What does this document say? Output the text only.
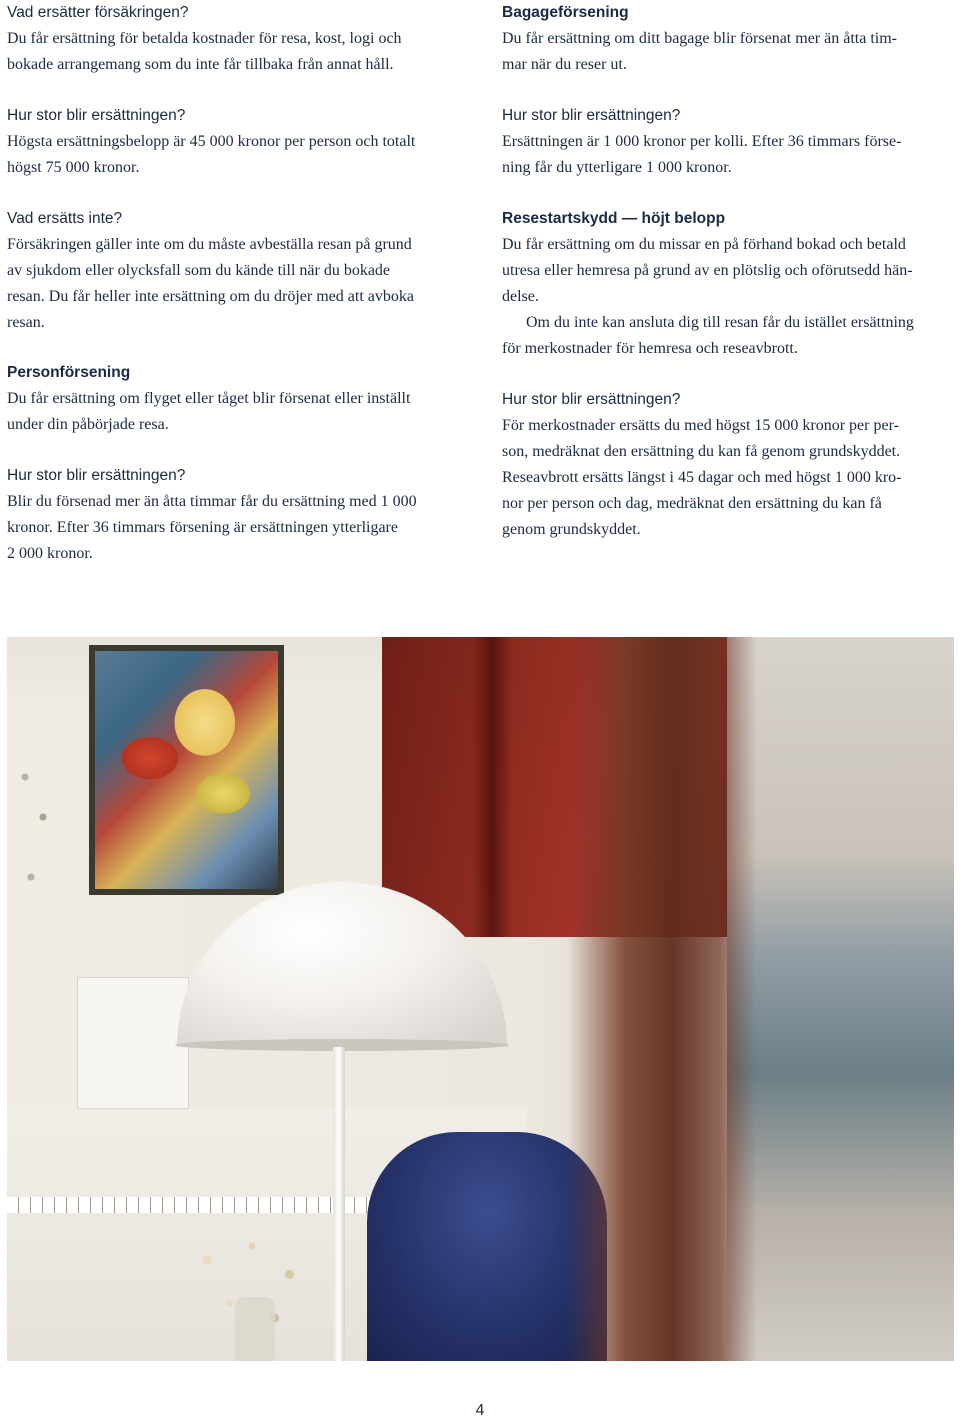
Vad ersätter försäkringen?

Du får ersättning för betalda kostnader för resa, kost, logi och

bokade arrangemang som du inte får tillbaka från annat håll.

Hur stor blir ersättningen?

Högsta ersättningsbelopp är 45 000 kronor per person och totalt

högst 75 000 kronor.

Vad ersätts inte?

Försäkringen gäller inte om du måste avbeställa resan på grund

av sjukdom eller olycksfall som du kände till när du bokade

resan. Du får heller inte ersättning om du dröjer med att avboka

resan.

Personförsening

Du får ersättning om flyget eller tåget blir försenat eller inställt

under din påbörjade resa.

Hur stor blir ersättningen?

Blir du försenad mer än åtta timmar får du ersättning med 1 000

kronor. Efter 36 timmars försening är ersättningen ytterligare

2 000 kronor.

Bagageförsening

Du får ersättning om ditt bagage blir försenat mer än åtta tim-

mar när du reser ut.

Hur stor blir ersättningen?

Ersättningen är 1 000 kronor per kolli. Efter 36 timmars förse-

ning får du ytterligare 1 000 kronor.

Resestartskydd — höjt belopp

Du får ersättning om du missar en på förhand bokad och betald

utresa eller hemresa på grund av en plötslig och oförutsedd hän-

delse.

Om du inte kan ansluta dig till resan får du istället ersättning

för merkostnader för hemresa och reseavbrott.

Hur stor blir ersättningen?

För merkostnader ersätts du med högst 15 000 kronor per per-

son, medräknat den ersättning du kan få genom grundskyddet.

Reseavbrott ersätts längst i 45 dagar och med högst 1 000 kro-

nor per person och dag, medräknat den ersättning du kan få

genom grundskyddet.

4
